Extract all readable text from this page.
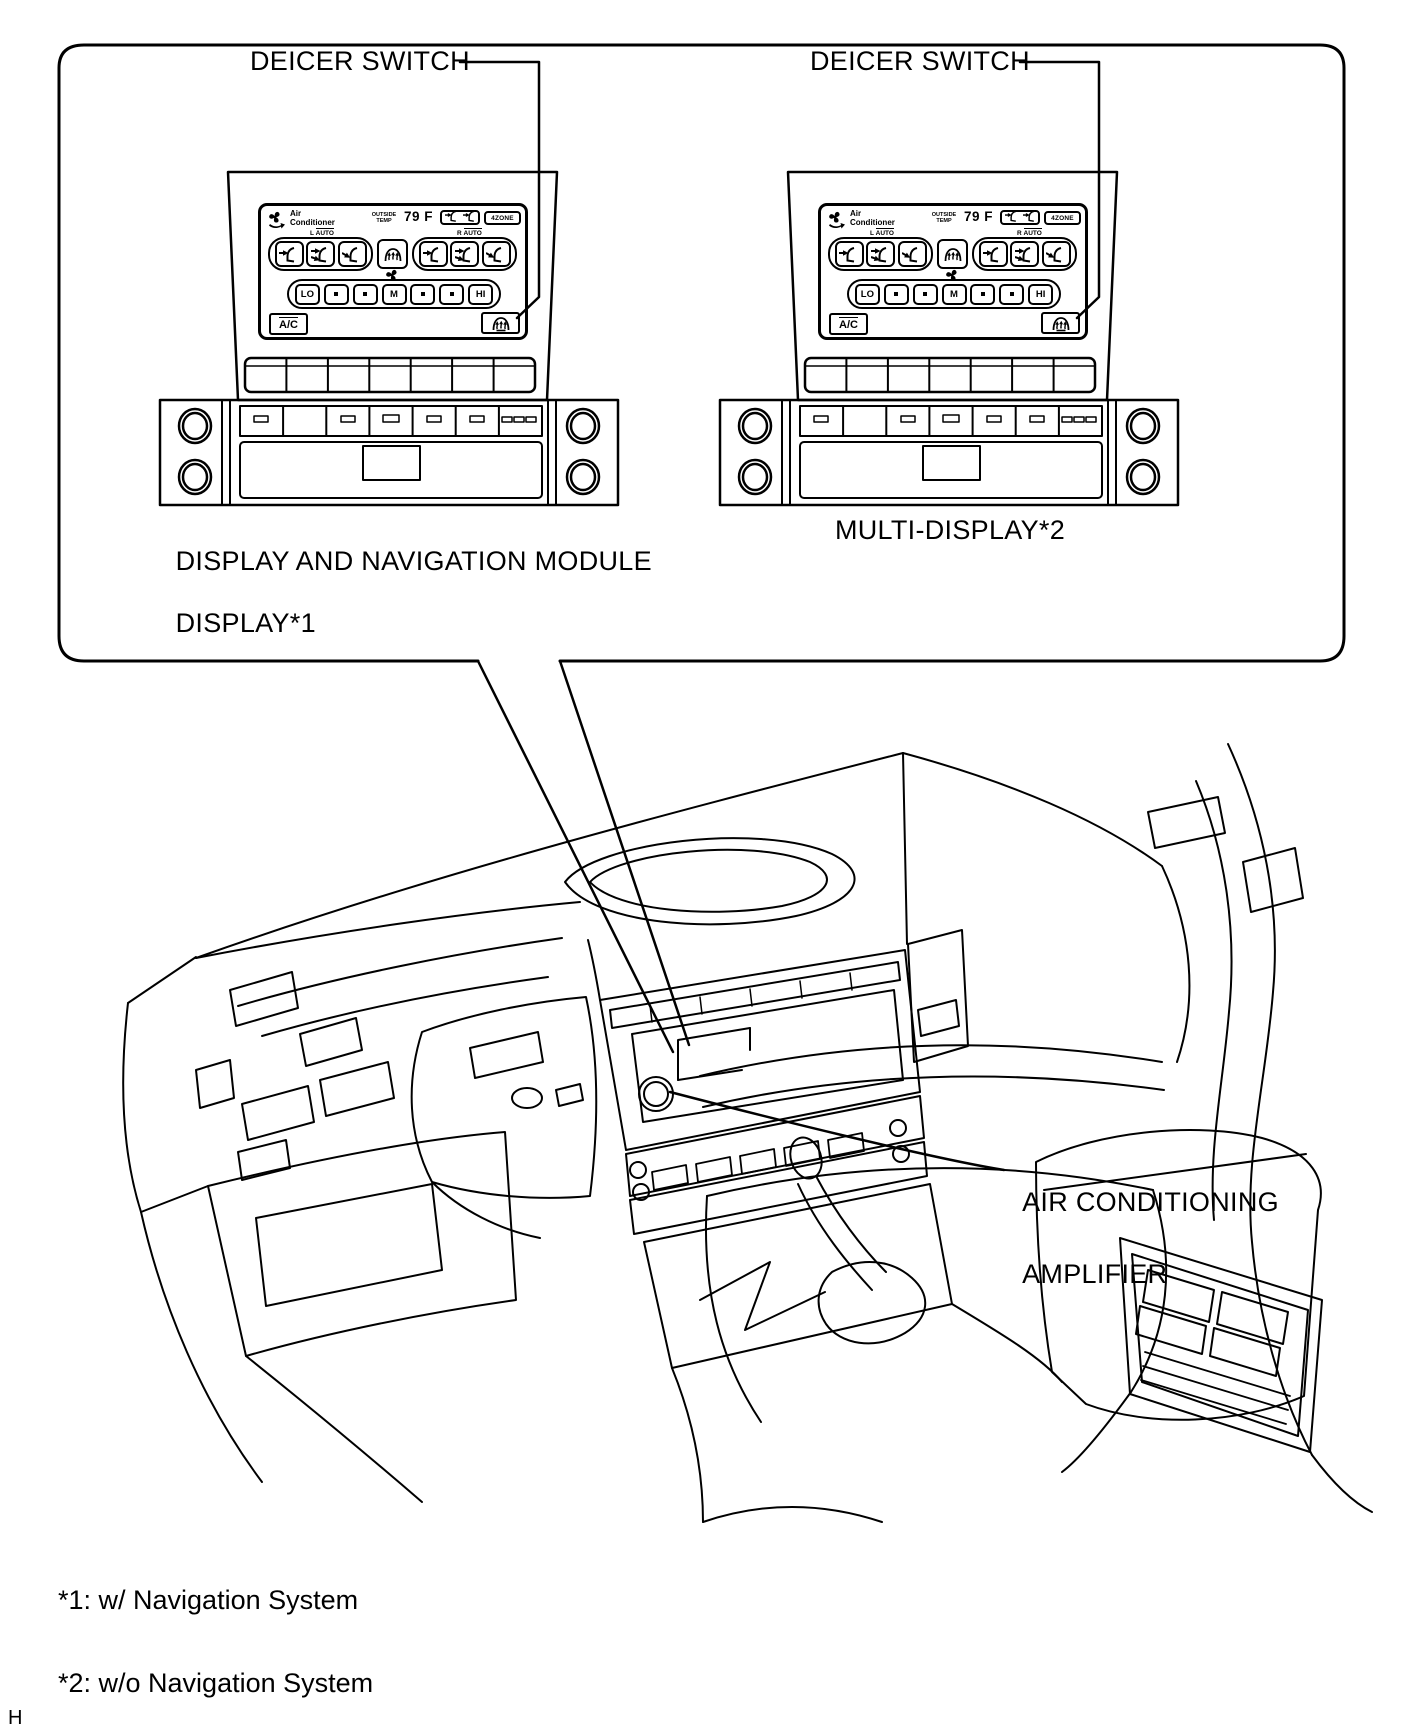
Air
Conditioner
OUTSIDE
TEMP 79 F	4ZONE
L AUTO	R AUTO
LO	M	HI
A/C
Air
Conditioner
OUTSIDE
TEMP 79 F	4ZONE
L AUTO	R AUTO
LO	M	HI
A/C
DEICER SWITCH	DEICER SWITCH

DISPLAY AND NAVIGATION MODULE

DISPLAY*1

MULTI-DISPLAY*2

AIR CONDITIONING

AMPLIFIER

*1: w/ Navigation System
*2: w/o Navigation System
H
